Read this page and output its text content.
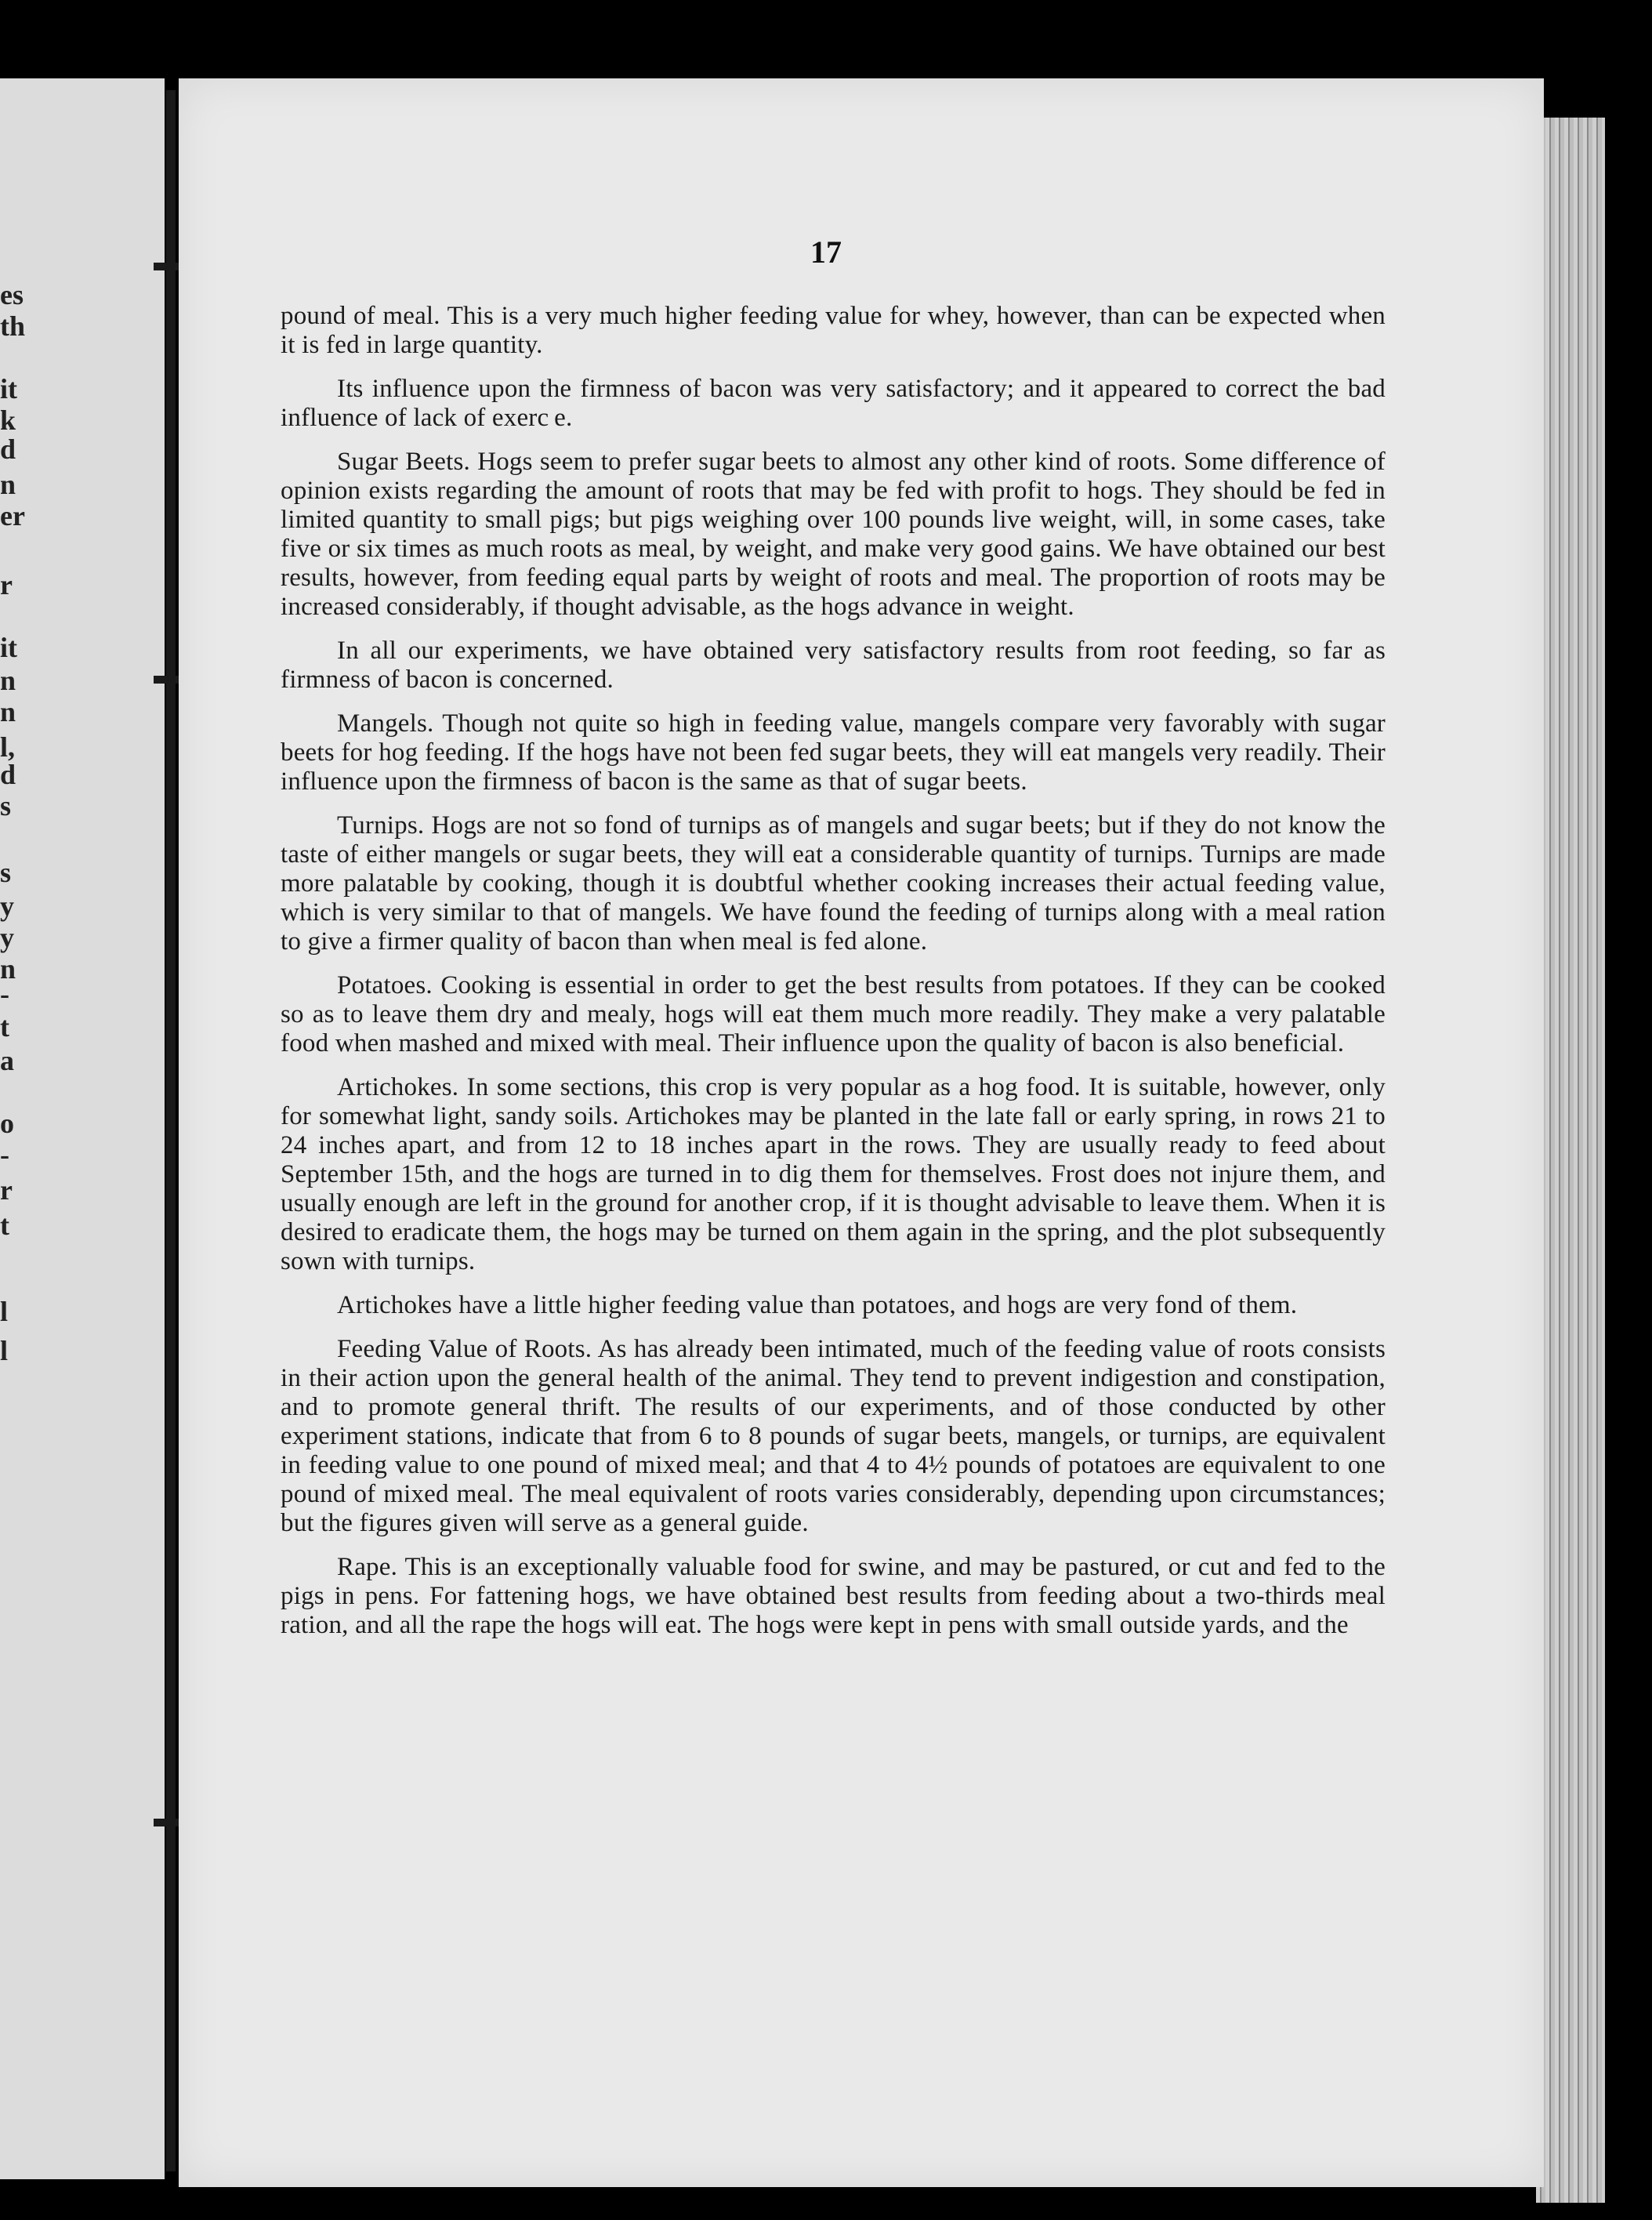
es
th
it
k
d
n
er
r
it
n
n
l,
d
s
s
y
y
n
-
t
a
o
-
r
t
l
l
17

pound of meal. This is a very much higher feeding value for whey, however, than can be expected when it is fed in large quantity.

Its influence upon the firmness of bacon was very satisfactory; and it appeared to correct the bad influence of lack of exerc e.

Sugar Beets. Hogs seem to prefer sugar beets to almost any other kind of roots. Some difference of opinion exists regarding the amount of roots that may be fed with profit to hogs. They should be fed in limited quantity to small pigs; but pigs weighing over 100 pounds live weight, will, in some cases, take five or six times as much roots as meal, by weight, and make very good gains. We have obtained our best results, however, from feeding equal parts by weight of roots and meal. The proportion of roots may be increased considerably, if thought advisable, as the hogs advance in weight.

In all our experiments, we have obtained very satisfactory results from root feeding, so far as firmness of bacon is concerned.

Mangels. Though not quite so high in feeding value, mangels compare very favorably with sugar beets for hog feeding. If the hogs have not been fed sugar beets, they will eat mangels very readily. Their influence upon the firmness of bacon is the same as that of sugar beets.

Turnips. Hogs are not so fond of turnips as of mangels and sugar beets; but if they do not know the taste of either mangels or sugar beets, they will eat a considerable quantity of turnips. Turnips are made more palatable by cooking, though it is doubtful whether cooking increases their actual feeding value, which is very similar to that of mangels. We have found the feeding of turnips along with a meal ration to give a firmer quality of bacon than when meal is fed alone.

Potatoes. Cooking is essential in order to get the best results from potatoes. If they can be cooked so as to leave them dry and mealy, hogs will eat them much more readily. They make a very palatable food when mashed and mixed with meal. Their influence upon the quality of bacon is also beneficial.

Artichokes. In some sections, this crop is very popular as a hog food. It is suitable, however, only for somewhat light, sandy soils. Artichokes may be planted in the late fall or early spring, in rows 21 to 24 inches apart, and from 12 to 18 inches apart in the rows. They are usually ready to feed about September 15th, and the hogs are turned in to dig them for themselves. Frost does not injure them, and usually enough are left in the ground for another crop, if it is thought advisable to leave them. When it is desired to eradicate them, the hogs may be turned on them again in the spring, and the plot subsequently sown with turnips.

Artichokes have a little higher feeding value than potatoes, and hogs are very fond of them.

Feeding Value of Roots. As has already been intimated, much of the feeding value of roots consists in their action upon the general health of the animal. They tend to prevent indigestion and constipation, and to promote general thrift. The results of our experiments, and of those conducted by other experiment stations, indicate that from 6 to 8 pounds of sugar beets, mangels, or turnips, are equivalent in feeding value to one pound of mixed meal; and that 4 to 4½ pounds of potatoes are equivalent to one pound of mixed meal. The meal equivalent of roots varies considerably, depending upon circumstances; but the figures given will serve as a general guide.

Rape. This is an exceptionally valuable food for swine, and may be pastured, or cut and fed to the pigs in pens. For fattening hogs, we have obtained best results from feeding about a two-thirds meal ration, and all the rape the hogs will eat. The hogs were kept in pens with small outside yards, and the
